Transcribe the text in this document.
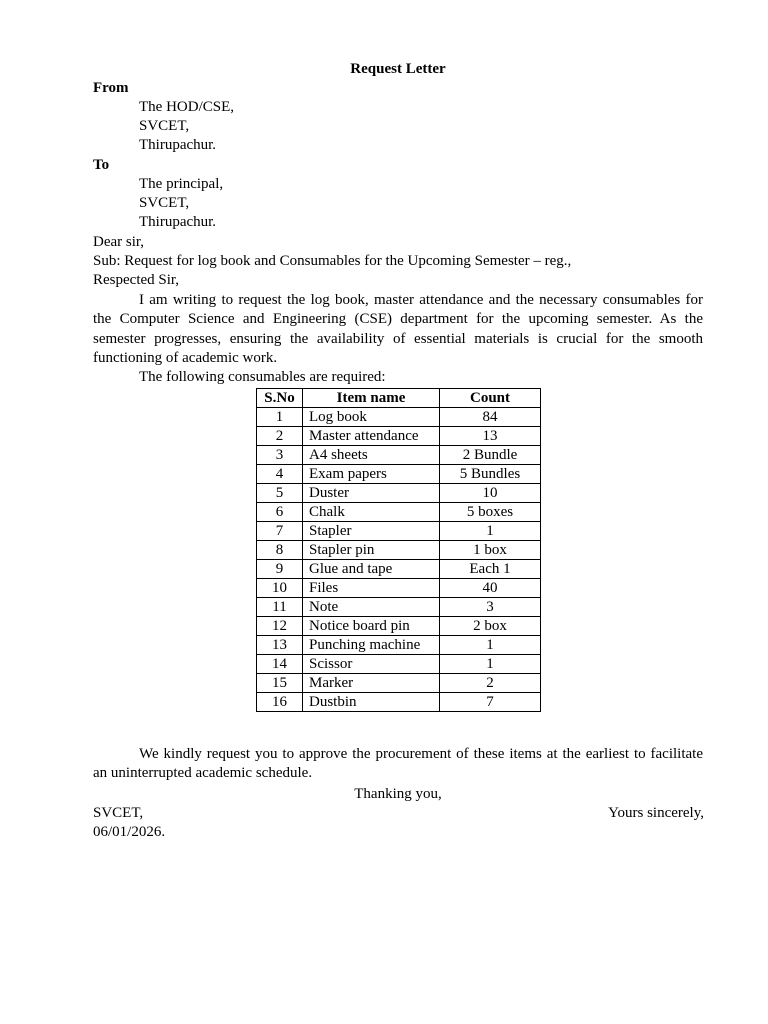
Request Letter
From
The HOD/CSE,
SVCET,
Thirupachur.
To
The principal,
SVCET,
Thirupachur.
Dear sir,
Sub: Request for log book and Consumables for the Upcoming Semester – reg.,
Respected Sir,
I am writing to request the log book, master attendance and the necessary consumables for the Computer Science and Engineering (CSE) department for the upcoming semester. As the semester progresses, ensuring the availability of essential materials is crucial for the smooth functioning of academic work.
The following consumables are required:
S.No	Item name	Count
1	Log book	84
2	Master attendance	13
3	A4 sheets	2 Bundle
4	Exam papers	5 Bundles
5	Duster	10
6	Chalk	5 boxes
7	Stapler	1
8	Stapler pin	1 box
9	Glue and tape	Each 1
10	Files	40
11	Note	3
12	Notice board pin	2 box
13	Punching machine	1
14	Scissor	1
15	Marker	2
16	Dustbin	7
We kindly request you to approve the procurement of these items at the earliest to facilitate an uninterrupted academic schedule.
Thanking you,
SVCET,	Yours sincerely,
06/01/2026.
